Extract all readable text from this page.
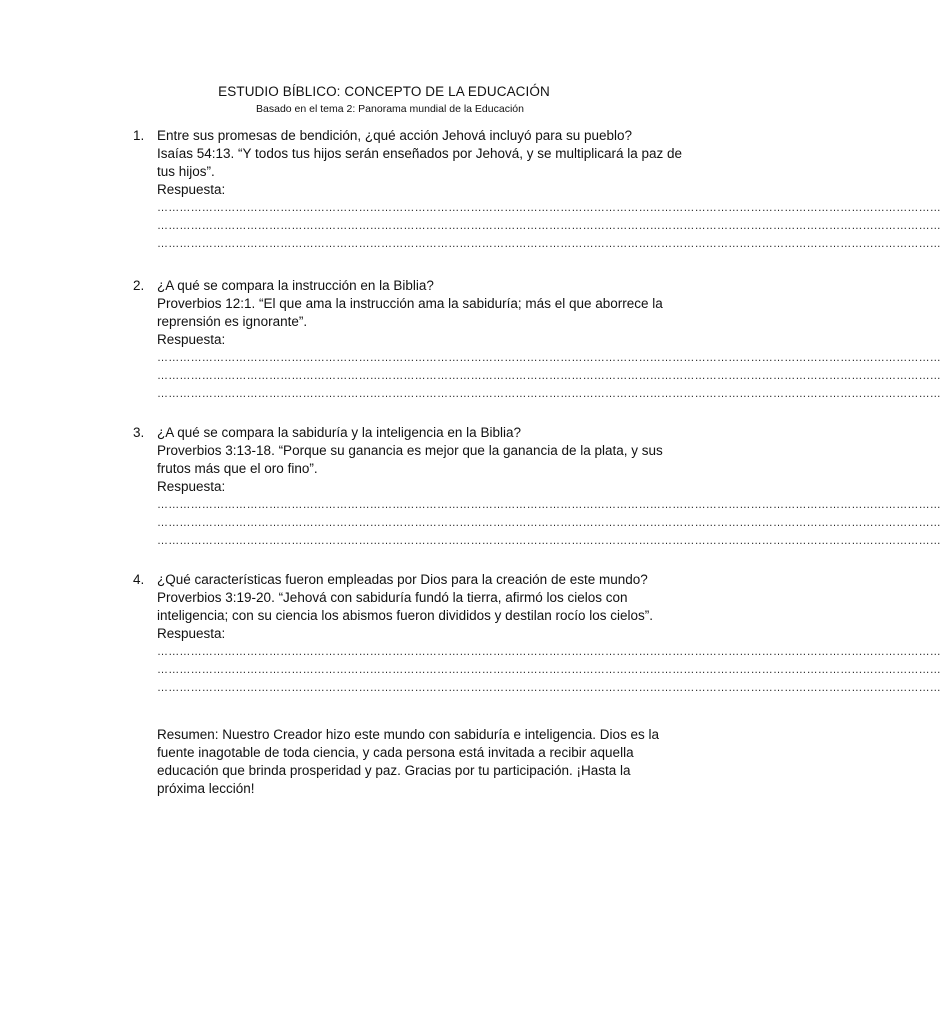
ESTUDIO BÍBLICO: CONCEPTO DE LA EDUCACIÓN
Basado en el tema 2: Panorama mundial de la Educación
1. Entre sus promesas de bendición, ¿qué acción Jehová incluyó para su pueblo?
Isaías 54:13. “Y todos tus hijos serán enseñados por Jehová, y se multiplicará la paz de
tus hijos”.
Respuesta:
…………………………………………………………………………………………………………………………………………………………………………………………
…………………………………………………………………………………………………………………………………………………………………………………………
…………………………………………………………………………………………………………………………………………………………………………………………
2. ¿A qué se compara la instrucción en la Biblia?
Proverbios 12:1. “El que ama la instrucción ama la sabiduría; más el que aborrece la
reprensión es ignorante”.
Respuesta:
…………………………………………………………………………………………………………………………………………………………………………………………
…………………………………………………………………………………………………………………………………………………………………………………………
…………………………………………………………………………………………………………………………………………………………………………………………
3. ¿A qué se compara la sabiduría y la inteligencia en la Biblia?
Proverbios 3:13-18. “Porque su ganancia es mejor que la ganancia de la plata, y sus
frutos más que el oro fino”.
Respuesta:
…………………………………………………………………………………………………………………………………………………………………………………………
…………………………………………………………………………………………………………………………………………………………………………………………
…………………………………………………………………………………………………………………………………………………………………………………………
4. ¿Qué características fueron empleadas por Dios para la creación de este mundo?
Proverbios 3:19-20. “Jehová con sabiduría fundó la tierra, afirmó los cielos con
inteligencia; con su ciencia los abismos fueron divididos y destilan rocío los cielos”.
Respuesta:
…………………………………………………………………………………………………………………………………………………………………………………………
…………………………………………………………………………………………………………………………………………………………………………………………
…………………………………………………………………………………………………………………………………………………………………………………………
Resumen: Nuestro Creador hizo este mundo con sabiduría e inteligencia. Dios es la
fuente inagotable de toda ciencia, y cada persona está invitada a recibir aquella
educación que brinda prosperidad y paz. Gracias por tu participación. ¡Hasta la
próxima lección!
